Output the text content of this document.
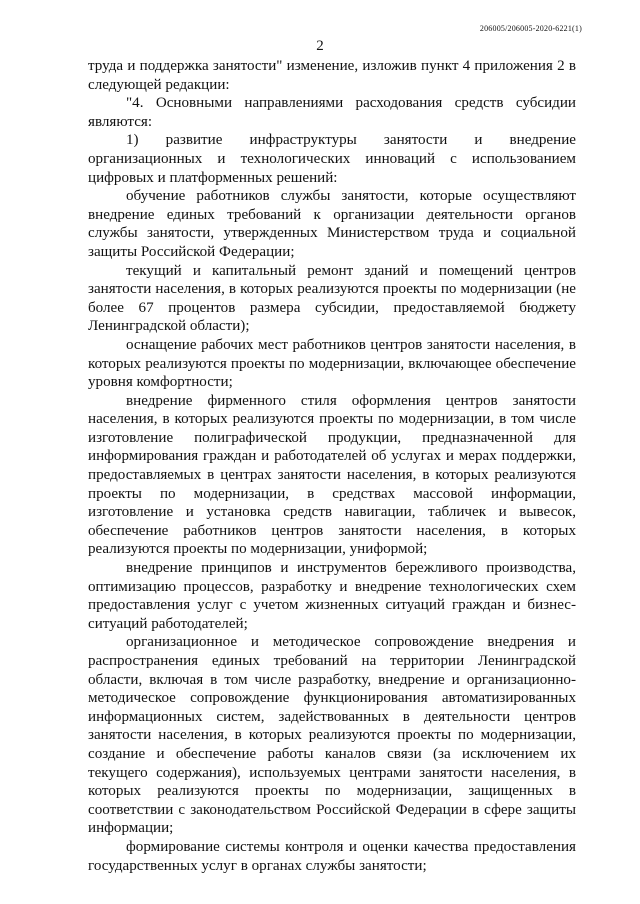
206005/206005-2020-6221(1)
2

труда и поддержка занятости" изменение, изложив пункт 4 приложения 2 в следующей редакции:

"4. Основными направлениями расходования средств субсидии являются:

1) развитие инфраструктуры занятости и внедрение организационных и технологических инноваций с использованием цифровых и платформенных решений:

обучение работников службы занятости, которые осуществляют внедрение единых требований к организации деятельности органов службы занятости, утвержденных Министерством труда и социальной защиты Российской Федерации;

текущий и капитальный ремонт зданий и помещений центров занятости населения, в которых реализуются проекты по модернизации (не более 67 процентов размера субсидии, предоставляемой бюджету Ленинградской области);

оснащение рабочих мест работников центров занятости населения, в которых реализуются проекты по модернизации, включающее обеспечение уровня комфортности;

внедрение фирменного стиля оформления центров занятости населения, в которых реализуются проекты по модернизации, в том числе изготовление полиграфической продукции, предназначенной для информирования граждан и работодателей об услугах и мерах поддержки, предоставляемых в центрах занятости населения, в которых реализуются проекты по модернизации, в средствах массовой информации, изготовление и установка средств навигации, табличек и вывесок, обеспечение работников центров занятости населения, в которых реализуются проекты по модернизации, униформой;

внедрение принципов и инструментов бережливого производства, оптимизацию процессов, разработку и внедрение технологических схем предоставления услуг с учетом жизненных ситуаций граждан и бизнес-ситуаций работодателей;

организационное и методическое сопровождение внедрения и распространения единых требований на территории Ленинградской области, включая в том числе разработку, внедрение и организационно-методическое сопровождение функционирования автоматизированных информационных систем, задействованных в деятельности центров занятости населения, в которых реализуются проекты по модернизации, создание и обеспечение работы каналов связи (за исключением их текущего содержания), используемых центрами занятости населения, в которых реализуются проекты по модернизации, защищенных в соответствии с законодательством Российской Федерации в сфере защиты информации;

формирование системы контроля и оценки качества предоставления государственных услуг в органах службы занятости;
